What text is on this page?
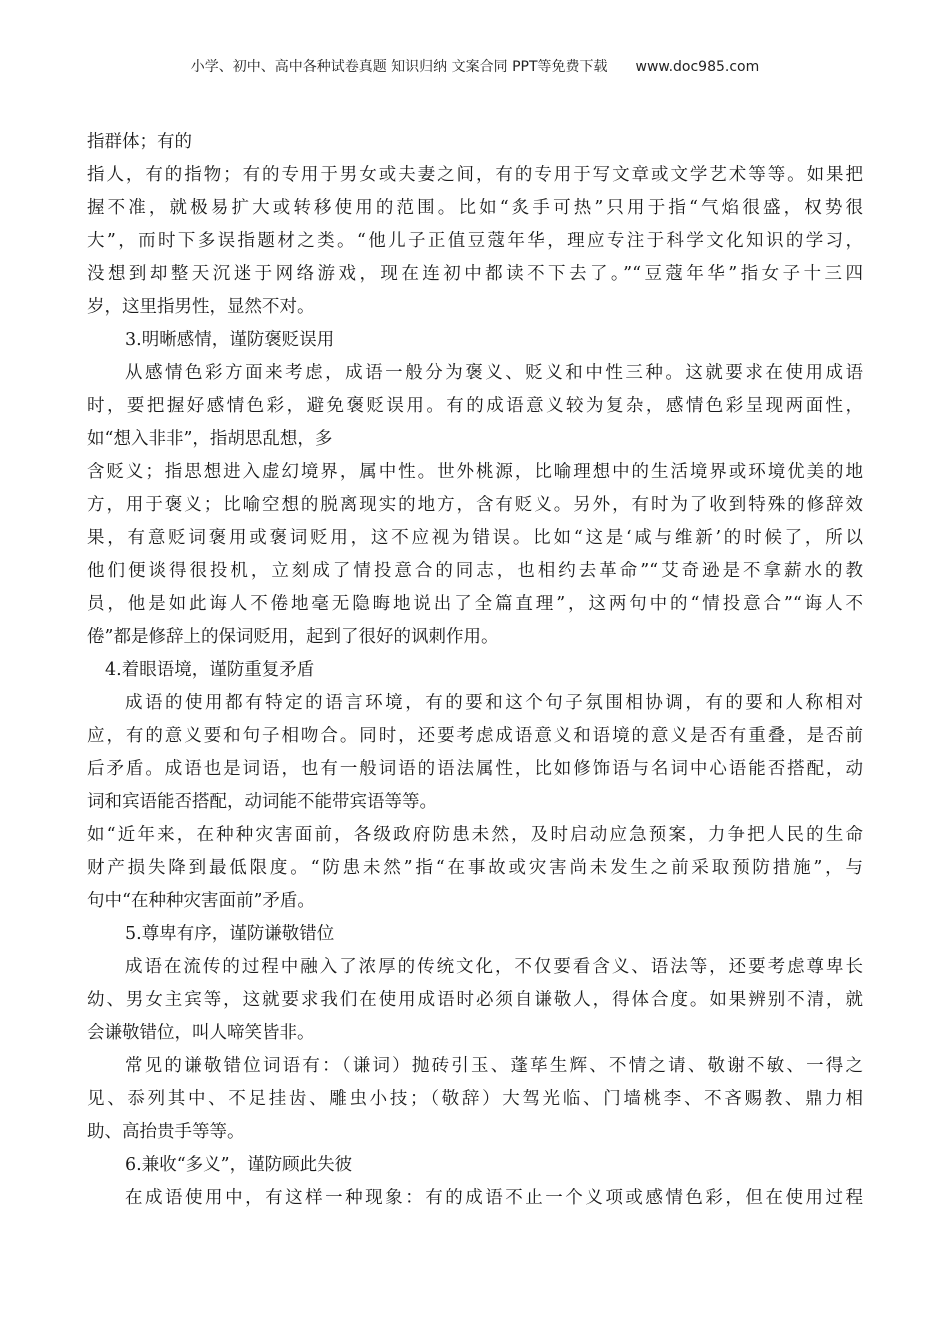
小学、初中、高中各种试卷真题 知识归纳 文案合同 PPT等免费下载 www.doc985.com
指群体；有的
指人，有的指物；有的专用于男女或夫妻之间，有的专用于写文章或文学艺术等等。如果把
握不准，就极易扩大或转移使用的范围。比如“炙手可热”只用于指“气焰很盛，权势很
大”，而时下多误指题材之类。“他儿子正值豆蔻年华，理应专注于科学文化知识的学习，
没想到却整天沉迷于网络游戏，现在连初中都读不下去了。”“豆蔻年华”指女子十三四
岁，这里指男性，显然不对。
3.明晰感情，谨防褒贬误用
从感情色彩方面来考虑，成语一般分为褒义、贬义和中性三种。这就要求在使用成语
时，要把握好感情色彩，避免褒贬误用。有的成语意义较为复杂，感情色彩呈现两面性，
如“想入非非”，指胡思乱想，多
含贬义；指思想进入虚幻境界，属中性。世外桃源，比喻理想中的生活境界或环境优美的地
方，用于褒义；比喻空想的脱离现实的地方，含有贬义。另外，有时为了收到特殊的修辞效
果，有意贬词褒用或褒词贬用，这不应视为错误。比如“这是‘咸与维新’的时候了，所以
他们便谈得很投机，立刻成了情投意合的同志，也相约去革命”“艾奇逊是不拿薪水的教
员，他是如此诲人不倦地毫无隐晦地说出了全篇直理”，这两句中的“情投意合”“诲人不
倦”都是修辞上的保词贬用，起到了很好的讽刺作用。
4.着眼语境，谨防重复矛盾
成语的使用都有特定的语言环境，有的要和这个句子氛围相协调，有的要和人称相对
应，有的意义要和句子相吻合。同时，还要考虑成语意义和语境的意义是否有重叠，是否前
后矛盾。成语也是词语，也有一般词语的语法属性，比如修饰语与名词中心语能否搭配，动
词和宾语能否搭配，动词能不能带宾语等等。
如“近年来，在种种灾害面前，各级政府防患未然，及时启动应急预案，力争把人民的生命
财产损失降到最低限度。“防患未然”指“在事故或灾害尚未发生之前采取预防措施”，与
句中“在种种灾害面前”矛盾。
5.尊卑有序，谨防谦敬错位
成语在流传的过程中融入了浓厚的传统文化，不仅要看含义、语法等，还要考虑尊卑长
幼、男女主宾等，这就要求我们在使用成语时必须自谦敬人，得体合度。如果辨别不清，就
会谦敬错位，叫人啼笑皆非。
常见的谦敬错位词语有：（谦词）抛砖引玉、蓬荜生辉、不情之请、敬谢不敏、一得之
见、忝列其中、不足挂齿、雕虫小技；（敬辞）大驾光临、门墙桃李、不吝赐教、鼎力相
助、高抬贵手等等。
6.兼收“多义”，谨防顾此失彼
在成语使用中，有这样一种现象：有的成语不止一个义项或感情色彩，但在使用过程
